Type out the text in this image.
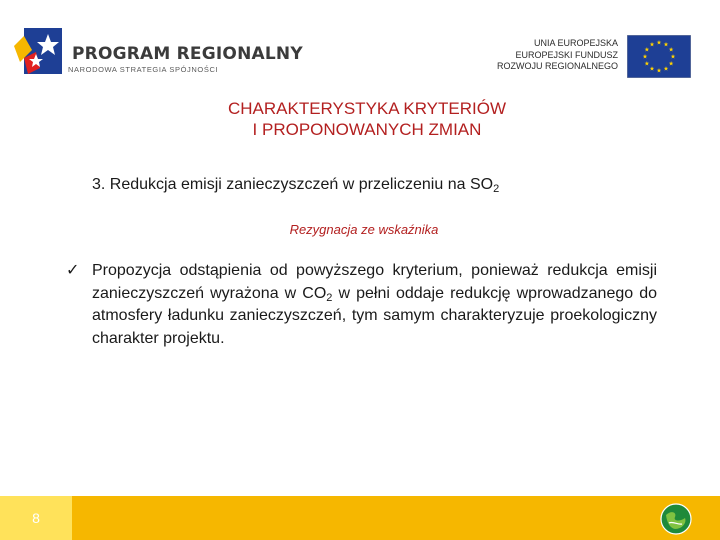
PROGRAM REGIONALNY
NARODOWA STRATEGIA SPÓJNOŚCI
UNIA EUROPEJSKA
EUROPEJSKI FUNDUSZ
ROZWOJU REGIONALNEGO
CHARAKTERYSTYKA KRYTERIÓW
I PROPONOWANYCH ZMIAN
3. Redukcja emisji zanieczyszczeń w przeliczeniu na $SO_2$
Rezygnacja ze wskaźnika
✓ Propozycja odstąpienia od powyższego kryterium, ponieważ redukcja emisji zanieczyszczeń wyrażona w $CO_2$ w pełni oddaje redukcję wprowadzanego do atmosfery ładunku zanieczyszczeń, tym samym charakteryzuje proekologiczny charakter projektu.

8
